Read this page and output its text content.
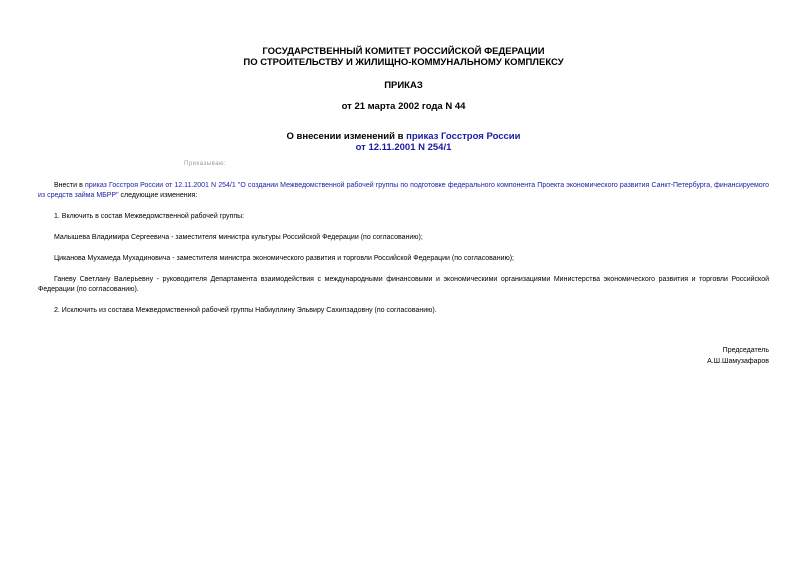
ГОСУДАРСТВЕННЫЙ КОМИТЕТ РОССИЙСКОЙ ФЕДЕРАЦИИ
ПО СТРОИТЕЛЬСТВУ И ЖИЛИЩНО-КОММУНАЛЬНОМУ КОМПЛЕКСУ
ПРИКАЗ
от 21 марта 2002 года N 44
О внесении изменений в приказ Госстроя России
от 12.11.2001 N 254/1
Приказываю:
Внести в приказ Госстроя России от 12.11.2001 N 254/1 "О создании Межведомственной рабочей группы по подготовке федерального компонента Проекта экономического развития Санкт-Петербурга, финансируемого из средств займа МБРР" следующие изменения:
1. Включить в состав Межведомственной рабочей группы:
Малышева Владимира Сергеевича - заместителя министра культуры Российской Федерации (по согласованию);
Циканова Мухамеда Мухадиновича - заместителя министра экономического развития и торговли Российской Федерации (по согласованию);
Ганеву Светлану Валерьевну - руководителя Департамента взаимодействия с международными финансовыми и экономическими организациями Министерства экономического развития и торговли Российской Федерации (по согласованию).
2. Исключить из состава Межведомственной рабочей группы Набиуллину Эльвиру Сахипзадовну (по согласованию).
Председатель
А.Ш.Шамузафаров
